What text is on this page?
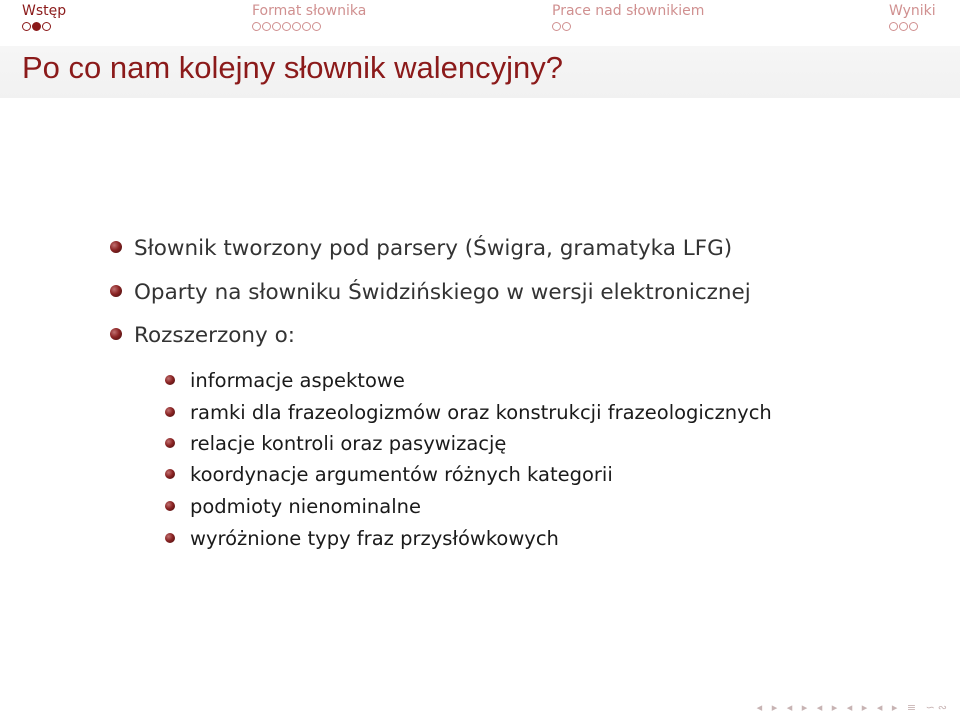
Wstęp	Format słownika	Prace nad słownikiem	Wyniki
Po co nam kolejny słownik walencyjny?
Słownik tworzony pod parsery (Świgra, gramatyka LFG)
Oparty na słowniku Świdzińskiego w wersji elektronicznej
Rozszerzony o:
informacje aspektowe
ramki dla frazeologizmów oraz konstrukcji frazeologicznych
relacje kontroli oraz pasywizację
koordynacje argumentów różnych kategorii
podmioty nienominalne
wyróżnione typy fraz przysłówkowych
◂ ▸ ◂ ▸ ◂ ▸ ◂ ▸ ◂ ▸ ≡ ∽∾
